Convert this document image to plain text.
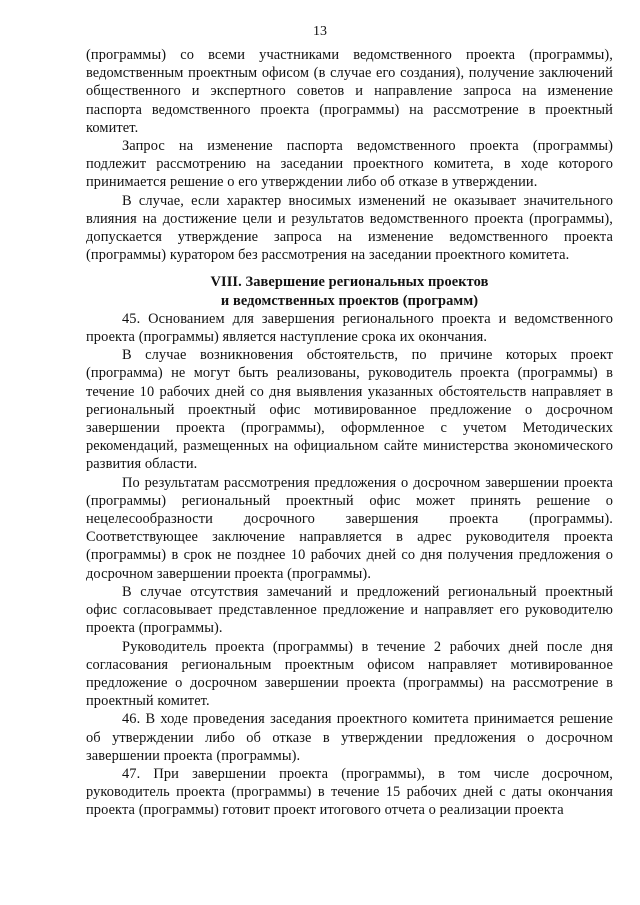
13

(программы) со всеми участниками ведомственного проекта (программы), ведомственным проектным офисом (в случае его создания), получение заключений общественного и экспертного советов и направление запроса на изменение паспорта ведомственного проекта (программы) на рассмотрение в проектный комитет.

Запрос на изменение паспорта ведомственного проекта (программы) подлежит рассмотрению на заседании проектного комитета, в ходе которого принимается решение о его утверждении либо об отказе в утверждении.

В случае, если характер вносимых изменений не оказывает значительного влияния на достижение цели и результатов ведомственного проекта (программы), допускается утверждение запроса на изменение ведомственного проекта (программы) куратором без рассмотрения на заседании проектного комитета.

VIII. Завершение региональных проектов
и ведомственных проектов (программ)

45. Основанием для завершения регионального проекта и ведомственного проекта (программы) является наступление срока их окончания.

В случае возникновения обстоятельств, по причине которых проект (программа) не могут быть реализованы, руководитель проекта (программы) в течение 10 рабочих дней со дня выявления указанных обстоятельств направляет в региональный проектный офис мотивированное предложение о досрочном завершении проекта (программы), оформленное с учетом Методических рекомендаций, размещенных на официальном сайте министерства экономического развития области.

По результатам рассмотрения предложения о досрочном завершении проекта (программы) региональный проектный офис может принять решение о нецелесообразности досрочного завершения проекта (программы). Соответствующее заключение направляется в адрес руководителя проекта (программы) в срок не позднее 10 рабочих дней со дня получения предложения о досрочном завершении проекта (программы).

В случае отсутствия замечаний и предложений региональный проектный офис согласовывает представленное предложение и направляет его руководителю проекта (программы).

Руководитель проекта (программы) в течение 2 рабочих дней после дня согласования региональным проектным офисом направляет мотивированное предложение о досрочном завершении проекта (программы) на рассмотрение в проектный комитет.

46. В ходе проведения заседания проектного комитета принимается решение об утверждении либо об отказе в утверждении предложения о досрочном завершении проекта (программы).

47. При завершении проекта (программы), в том числе досрочном, руководитель проекта (программы) в течение 15 рабочих дней с даты окончания проекта (программы) готовит проект итогового отчета о реализации проекта
